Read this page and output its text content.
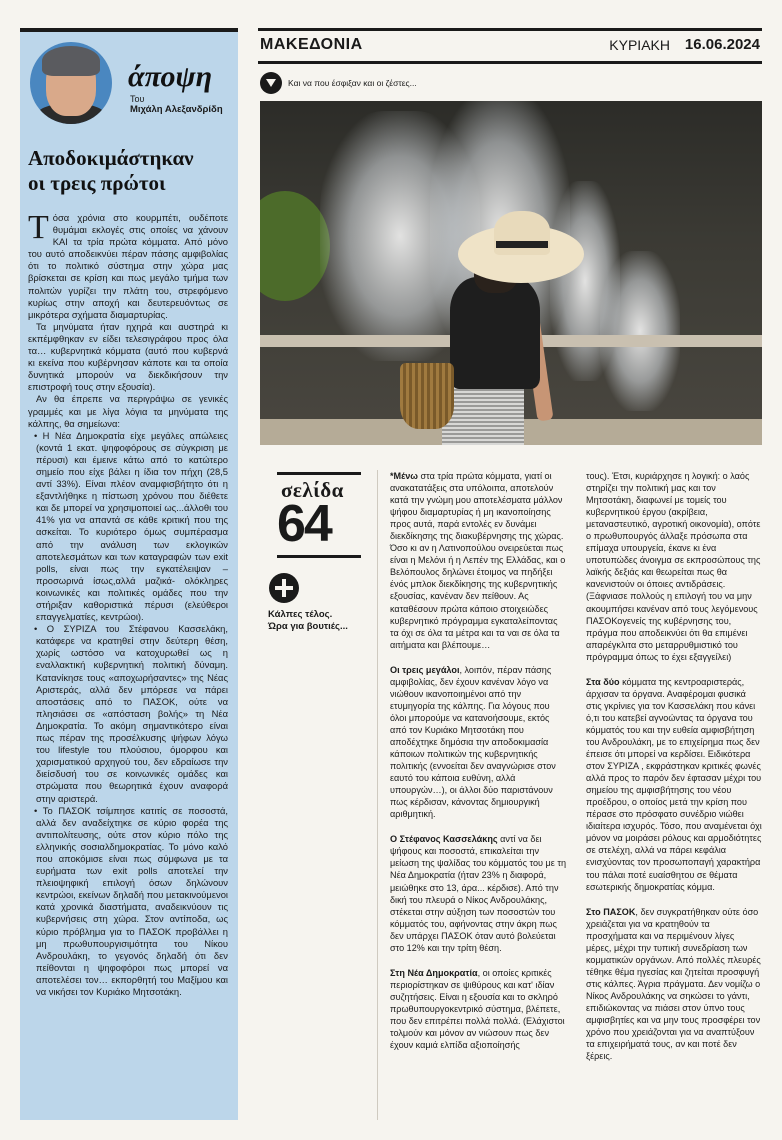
άποψη
Του
Μιχάλη Αλεξανδρίδη
Αποδοκιμάστηκαν
οι τρεις πρώτοι

Τόσα χρόνια στο κουρμπέτι, ουδέποτε θυμάμαι εκλογές στις οποίες να χάνουν ΚΑΙ τα τρία πρώτα κόμματα. Από μόνο του αυτό αποδεικνύει πέραν πάσης αμφιβολίας ότι το πολιτικό σύστημα στην χώρα μας βρίσκεται σε κρίση και πως μεγάλο τμήμα των πολιτών γυρίζει την πλάτη του, στρεφόμενο κυρίως στην αποχή και δευτερευόντως σε μικρότερα σχήματα διαμαρτυρίας.

Τα μηνύματα ήταν ηχηρά και αυστηρά κι εκπέμφθηκαν εν είδει τελεσιγράφου προς όλα τα… κυβερνητικά κόμματα (αυτό που κυβερνά κι εκείνα που κυβέρνησαν κάποτε και τα οποία δυνητικά μπορούν να διεκδικήσουν την επιστροφή τους στην εξουσία).

Αν θα έπρεπε να περιγράψω σε γενικές γραμμές και με λίγα λόγια τα μηνύματα της κάλπης, θα σημείωνα:

• Η Νέα Δημοκρατία είχε μεγάλες απώλειες (κοντά 1 εκατ. ψηφοφόρους σε σύγκριση με πέρυσι) και έμεινε κάτω από το κατώτερο σημείο που είχε βάλει η ίδια τον πήχη (28,5 αντί 33%). Είναι πλέον αναμφισβήτητο ότι η εξαντλήθηκε η πίστωση χρόνου που διέθετε και δε μπορεί να χρησιμοποιεί ως...άλλοθι του 41% για να απαντά σε κάθε κριτική που της ασκείται. Το κυριότερο όμως συμπέρασμα από την ανάλυση των εκλογικών αποτελεσμάτων και των καταγραφών των exit polls, είναι πως την εγκατέλειψαν – προσωρινά ίσως,αλλά μαζικά- ολόκληρες κοινωνικές και πολιτικές ομάδες που την στήριξαν καθοριστικά πέρυσι (ελεύθεροι επαγγελματίες, κεντρώοι).

• Ο ΣΥΡΙΖΑ του Στέφανου Κασσελάκη, κατάφερε να κρατηθεί στην δεύτερη θέση, χωρίς ωστόσο να κατοχυρωθεί ως η εναλλακτική κυβερνητική πολιτική δύναμη. Κατανίκησε τους «αποχωρήσαντες» της Νέας Αριστεράς, αλλά δεν μπόρεσε να πάρει αποστάσεις από το ΠΑΣΟΚ, ούτε να πλησιάσει σε «απόσταση βολής» τη Νέα Δημοκρατία. Το ακόμη σημαντικότερο είναι πως πέραν της προσέλκυσης ψήφων λόγω του lifestyle του πλούσιου, όμορφου και χαρισματικού αρχηγού του, δεν εδραίωσε την διείσδυσή του σε κοινωνικές ομάδες και στρώματα που θεωρητικά έχουν αναφορά στην αριστερά.

• Το ΠΑΣΟΚ τσίμπησε κατιτίς σε ποσοστά, αλλά δεν αναδείχτηκε σε κύριο φορέα της αντιπολίτευσης, ούτε στον κύριο πόλο της ελληνικής σοσιαλδημοκρατίας. Το μόνο καλό που αποκόμισε είναι πως σύμφωνα με τα ευρήματα των exit polls αποτελεί την πλειοψηφική επιλογή όσων δηλώνουν κεντρώοι, εκείνων δηλαδή που μετακινούμενοι κατά χρονικά διαστήματα, αναδεικνύουν τις κυβερνήσεις στη χώρα. Στον αντίποδα, ως κύριο πρόβλημα για το ΠΑΣΟΚ προβάλλει η μη πρωθυπουργισιμότητα του Νίκου Ανδρουλάκη, το γεγονός δηλαδή ότι δεν πείθονται η ψηφοφόροι πως μπορεί να αποτελέσει τον… εκπορθητή του Μαξίμου και να νικήσει τον Κυριάκο Μητσοτάκη.

ΜΑΚΕΔΟΝΙΑ	ΚΥΡΙΑΚΗ 16.06.2024
Και να που έσφιξαν και οι ζέστες...
σελίδα
64
Κάλπες τέλος.
Ώρα για βουτιές...

*Μένω στα τρία πρώτα κόμματα, γιατί οι ανακατατάξεις στα υπόλοιπα, αποτελούν κατά την γνώμη μου αποτελέσματα μάλλον ψήφου διαμαρτυρίας ή μη ικανοποίησης προς αυτά, παρά εντολές εν δυνάμει διεκδίκησης της διακυβέρνησης της χώρας. Όσο κι αν η Λατινοπούλου ονειρεύεται πως είναι η Μελόνι ή η Λεπέν της Ελλάδας, και ο Βελόπουλος δηλώνει έτοιμος να πηδήξει ένός μπλοκ διεκδίκησης της κυβερνητικής εξουσίας, κανέναν δεν πείθουν. Ας καταθέσουν πρώτα κάποιο στοιχειώδες κυβερνητικό πρόγραμμα εγκαταλείποντας τα όχι σε όλα τα μέτρα και τα ναι σε όλα τα αιτήματα και βλέπουμε…

Οι τρεις μεγάλοι, λοιπόν, πέραν πάσης αμφιβολίας, δεν έχουν κανέναν λόγο να νιώθουν ικανοποιημένοι από την ετυμηγορία της κάλπης. Για λόγους που όλοι μπορούμε να κατανοήσουμε, εκτός από τον Κυριάκο Μητσοτάκη που αποδέχτηκε δημόσια την αποδοκιμασία κάποιων πολιτικών της κυβερνητικής πολιτικής (εννοείται δεν αναγνώρισε στον εαυτό του κάποια ευθύνη, αλλά υπουργών…), οι άλλοι δύο παριστάνουν πως κέρδισαν, κάνοντας δημιουργική αριθμητική.

Ο Στέφανος Κασσελάκης αντί να δει ψήφους και ποσοστά, επικαλείται την μείωση της ψαλίδας του κόμματός του με τη Νέα Δημοκρατία (ήταν 23% η διαφορά, μειώθηκε στο 13, άρα... κέρδισε). Από την δική του πλευρά ο Νίκος Ανδρουλάκης, στέκεται στην αύξηση των ποσοστών του κόμματός του, αφήνοντας στην άκρη πως δεν υπάρχει ΠΑΣΟΚ όταν αυτό βολεύεται στο 12% και την τρίτη θέση.

Στη Νέα Δημοκρατία, οι οποίες κριτικές περιορίστηκαν σε ψιθύρους και κατ' ιδίαν συζητήσεις. Είναι η εξουσία και το σκληρό πρωθυπουργοκεντρικό σύστημα, βλέπετε, που δεν επιτρέπει πολλά πολλά. (Ελάχιστοι τολμούν και μόνον αν νιώσουν πως δεν έχουν καμιά ελπίδα αξιοποίησής

τους). Έτσι, κυριάρχησε η λογική: ο λαός στηρίζει την πολιτική μας και τον Μητσοτάκη, διαφωνεί με τομείς του κυβερνητικού έργου (ακρίβεια, μεταναστευτικό, αγροτική οικονομία), οπότε ο πρωθυπουργός άλλαξε πρόσωπα στα επίμαχα υπουργεία, έκανε κι ένα υποτυπώδες άνοιγμα σε εκπροσώπους της λαϊκής δεξιάς και θεωρείται πως θα κανενιστούν οι όποιες αντιδράσεις. (Ξάφνιασε πολλούς η επιλογή του να μην ακουμπήσει κανέναν από τους λεγόμενους ΠΑΣΟΚογενείς της κυβέρνησης του, πράγμα που αποδεικνύει ότι θα επιμένει απαρέγκλιτα στο μεταρρυθμιστικό του πρόγραμμα όπως το έχει εξαγγείλει)

Στα δύο κόμματα της κεντροαριστεράς, άρχισαν τα όργανα. Αναφέρομαι φυσικά στις γκρίνιες για τον Κασσελάκη που κάνει ό,τι του κατεβεί αγνοώντας τα όργανα του κόμματός του και την ευθεία αμφισβήτηση του Ανδρουλάκη, με το επιχείρημα πως δεν έπεισε ότι μπορεί να κερδίσει. Ειδικότερα στον ΣΥΡΙΖΑ , εκφράστηκαν κριτικές φωνές αλλά προς το παρόν δεν έφτασαν μέχρι του σημείου της αμφισβήτησης του νέου προέδρου, ο οποίος μετά την κρίση που πέρασε στο πρόσφατο συνέδριο νιώθει ιδιαίτερα ισχυρός. Τόσο, που αναμένεται όχι μόνον να μοιράσει ρόλους και αρμοδιότητες σε στελέχη, αλλά να πάρει κεφάλια ενισχύοντας τον προσωποπαγή χαρακτήρα του πάλαι ποτέ ευαίσθητου σε θέματα εσωτερικής δημοκρατίας κόμμα.

Στο ΠΑΣΟΚ, δεν συγκρατήθηκαν ούτε όσο χρειάζεται για να κρατηθούν τα προσχήματα και να περιμένουν λίγες μέρες, μέχρι την τυπική συνεδρίαση των κομματικών οργάνων. Από πολλές πλευρές τέθηκε θέμα ηγεσίας και ζητείται προσφυγή στις κάλπες. Άγρια πράγματα. Δεν νομίζω ο Νίκος Ανδρουλάκης να σηκώσει το γάντι, επιδιώκοντας να πιάσει στον ύπνο τους αμφισβητίες και να μην τους προσφέρει τον χρόνο που χρειάζονται για να αναπτύξουν τα επιχειρήματά τους, αν και ποτέ δεν ξέρεις.
